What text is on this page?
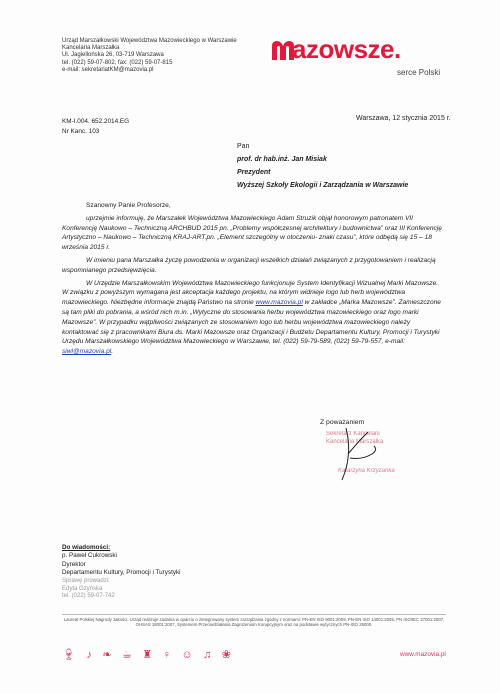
Urząd Marszałkowski Województwa Mazowieckiego w Warszawie
Kancelaria Marszałka
Ul. Jagiellońska 26, 03-719 Warszawa
tel. (022) 59-07-802, fax: (022) 59-07-815
e-mail: sekretariatKM@mazovia.pl
azowsze.
serce Polski
Warszawa, 12 stycznia 2015 r.
KM-I.004. 652.2014.EG
Nr Kanc. 103
Pan
prof. dr hab.inż. Jan Misiak
Prezydent
Wyższej Szkoły Ekologii i Zarządzania w Warszawie

Szanowny Panie Profesorze,

uprzejmie informuję, że Marszałek Województwa Mazowieckiego Adam Struzik objął honorowym patronatem VII Konferencję Naukowo – Techniczną ARCHBUD 2015 pn. „Problemy współczesnej architektury i budownictwa” oraz III Konferencję Artystyczno – Naukowo – Techniczną KRAJ-ART.pn. „Element szczególny w otoczeniu- znaki czasu”, które odbędą się 15 – 18 września 2015 r.

W imieniu pana Marszałka życzę powodzenia w organizacji wszelkich działań związanych z przygotowaniem i realizacją wspomnianego przedsięwzięcia.

W Urzędzie Marszałkowskim Województwa Mazowieckiego funkcjonuje System Identyfikacji Wizualnej Marki Mazowsze. W związku z powyższym wymagana jest akceptacja każdego projektu, na którym widnieje logo lub herb województwa mazowieckiego. Niezbędne informacje znajdą Państwo na stronie www.mazovia.pl w zakładce „Marka Mazowsze”. Zamieszczone są tam pliki do pobrania, a wśród nich m.in. „Wytyczne do stosowania herbu województwa mazowieckiego oraz logo marki Mazowsze”. W przypadku wątpliwości związanych ze stosowaniem logo lub herbu województwa mazowieckiego należy kontaktować się z pracownikami Biura ds. Marki Mazowsze oraz Organizacji i Budżetu Departamentu Kultury, Promocji i Turystyki Urzędu Marszałkowskiego Województwa Mazowieckiego w Warszawie, tel. (022) 59-79-589, (022) 59-79-557, e-mail: siwl@mazovia.pl.

Z poważaniem
Sekretarz Kancelarii
Kancelaria Marszałka
Katarzyna Krzyżanka
Do wiadomości:
p. Paweł Cukrowski
Dyrektor
Departamentu Kultury, Promocji i Turystyki
Sprawę prowadzi:
Edyta Gzyńska
tel. (022) 59-07-742
Laureat Polskiej Nagrody Jakości. Urząd realizuje zadania w oparciu o zintegrowany system zarządzania zgodny z normami: PN-EN ISO 9001:2009, PN-EN ISO 14001:2005, PN ISO/IEC 27001:2007, OHSAS 18001:2007, Systemem Przeciwdziałania Zagrożeniom Korupcyjnym oraz na podstawie wytycznych PN-ISO 26000.
🍷︎ ♪ ❧ ☕︎ ♜ ♀ ☺ ♫ ❀	www.mazovia.pl
